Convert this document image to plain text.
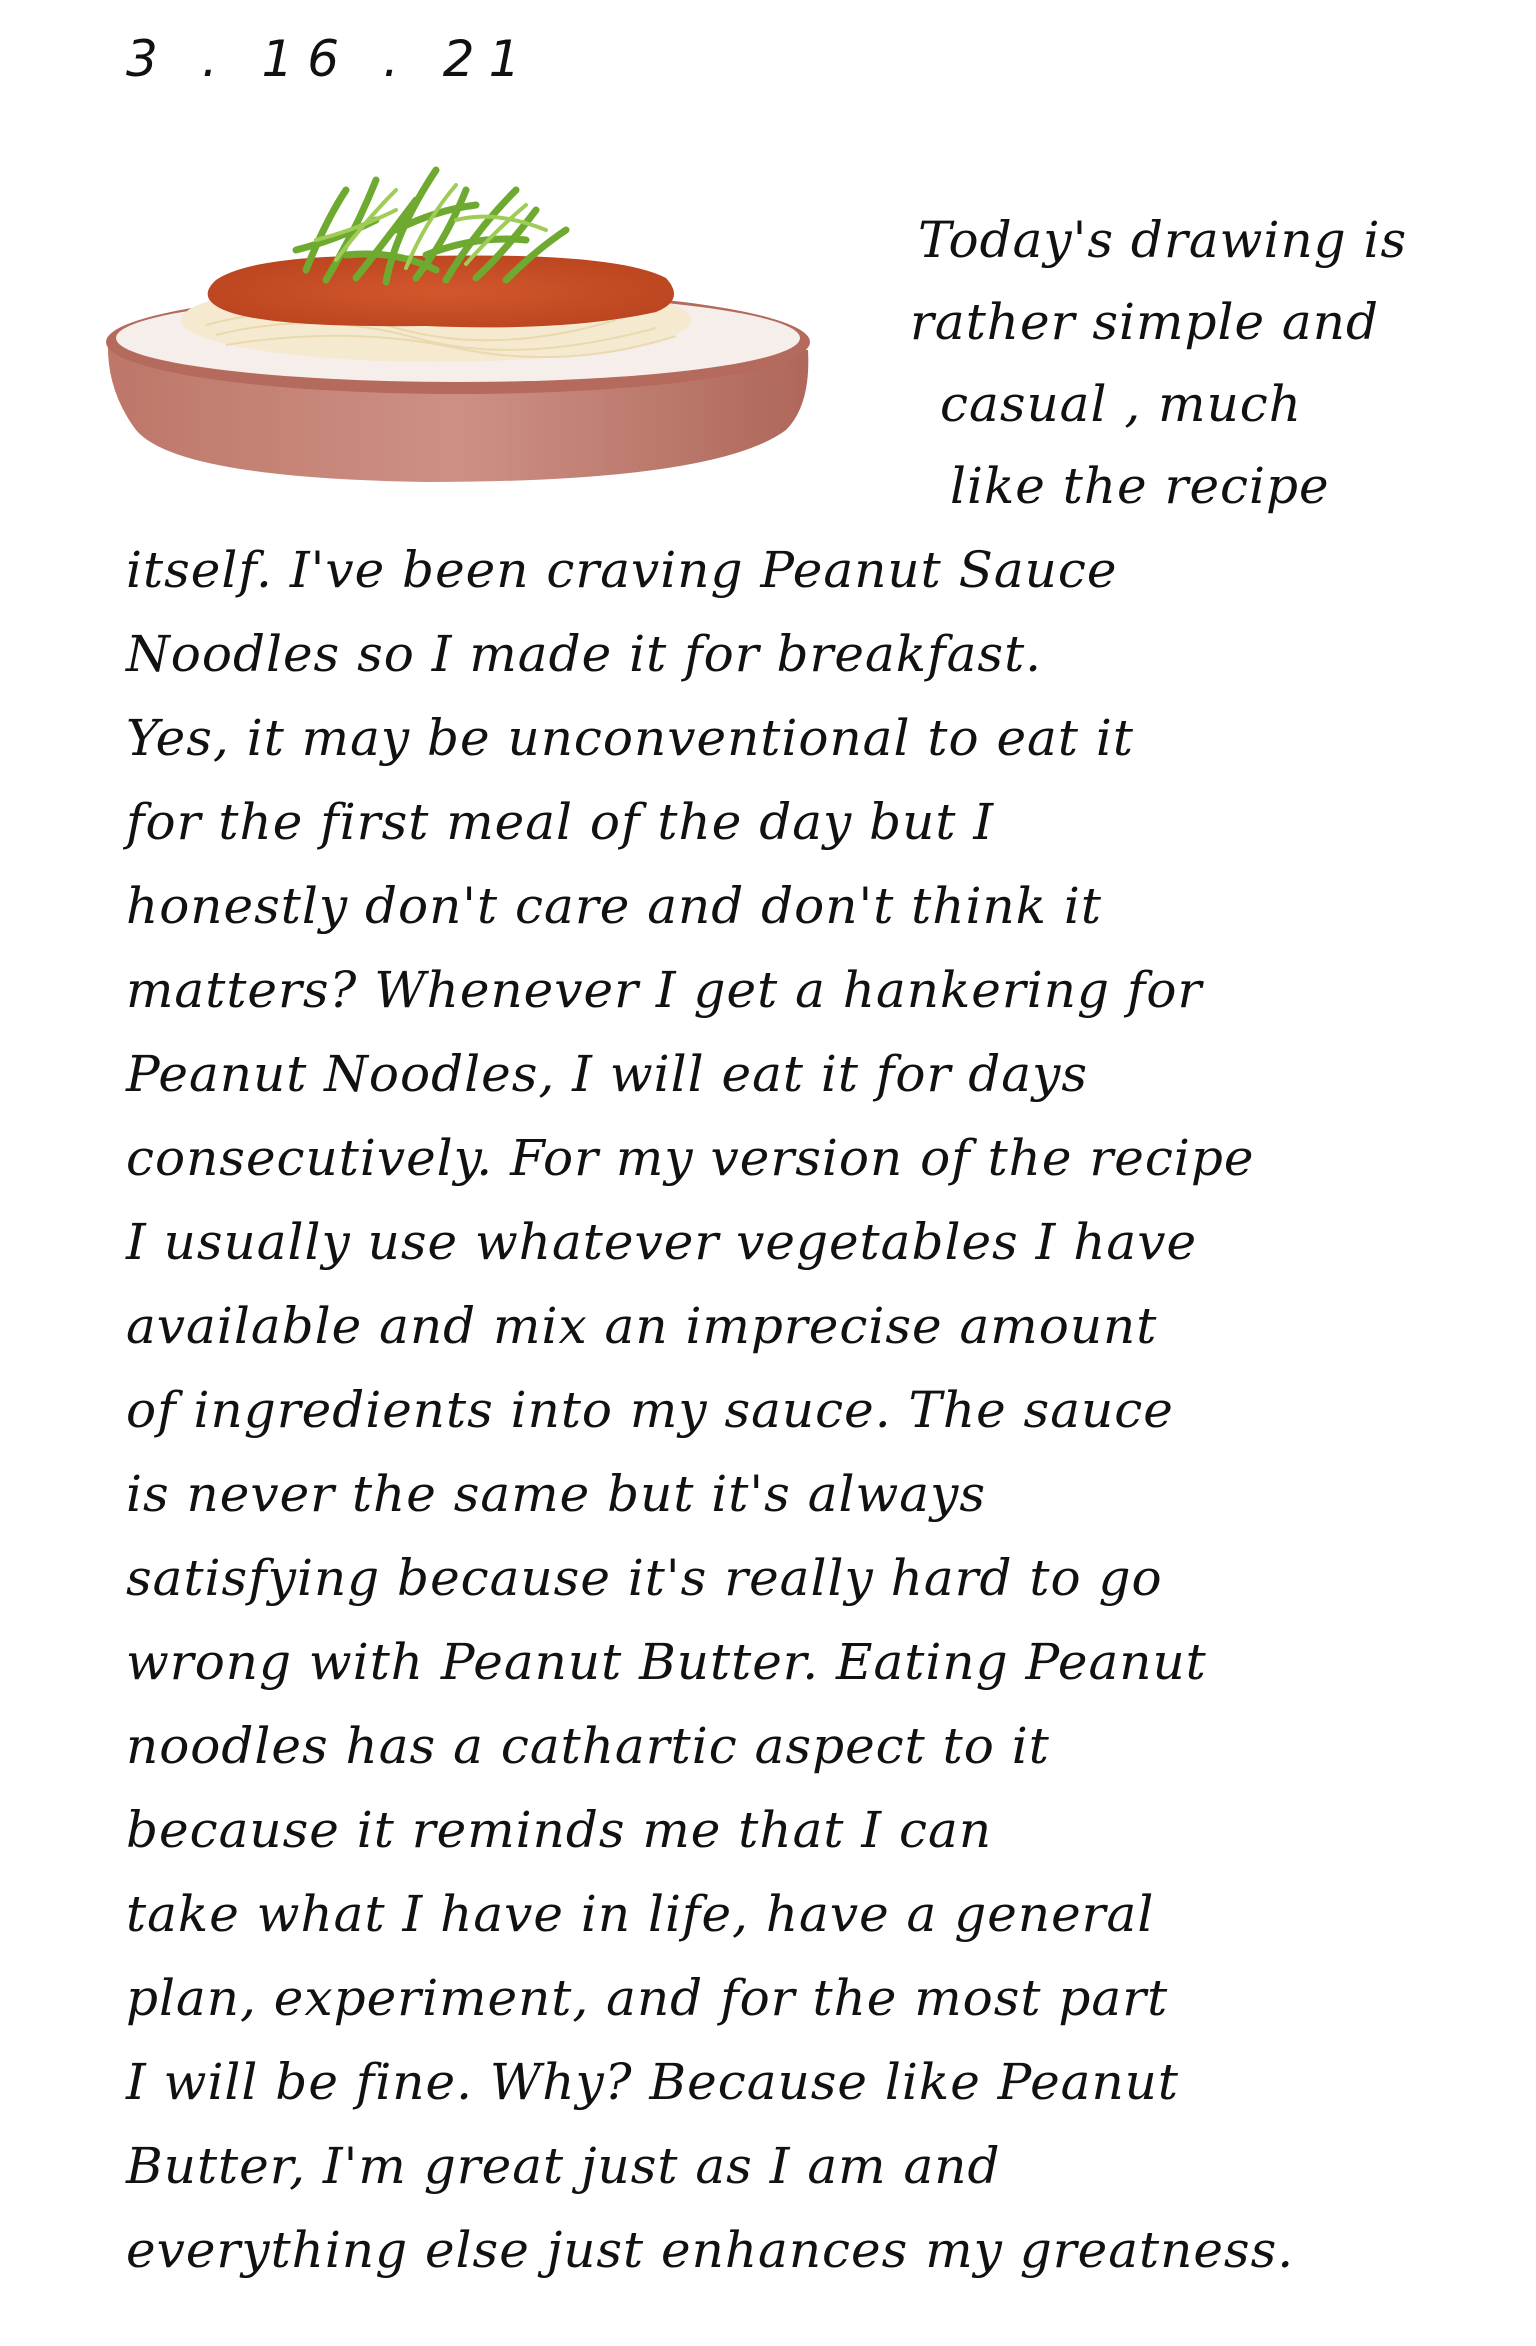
3 . 16 . 21
Today's drawing is
rather simple and
casual , much
like the recipe
itself. I've been craving Peanut Sauce
Noodles so I made it for breakfast.
Yes, it may be unconventional to eat it
for the first meal of the day but I
honestly don't care and don't think it
matters? Whenever I get a hankering for
Peanut Noodles, I will eat it for days
consecutively. For my version of the recipe
I usually use whatever vegetables I have
available and mix an imprecise amount
of ingredients into my sauce. The sauce
is never the same but it's always
satisfying because it's really hard to go
wrong with Peanut Butter. Eating Peanut
noodles has a cathartic aspect to it
because it reminds me that I can
take what I have in life, have a general
plan, experiment, and for the most part
I will be fine. Why? Because like Peanut
Butter, I'm great just as I am and
everything else just enhances my greatness.
